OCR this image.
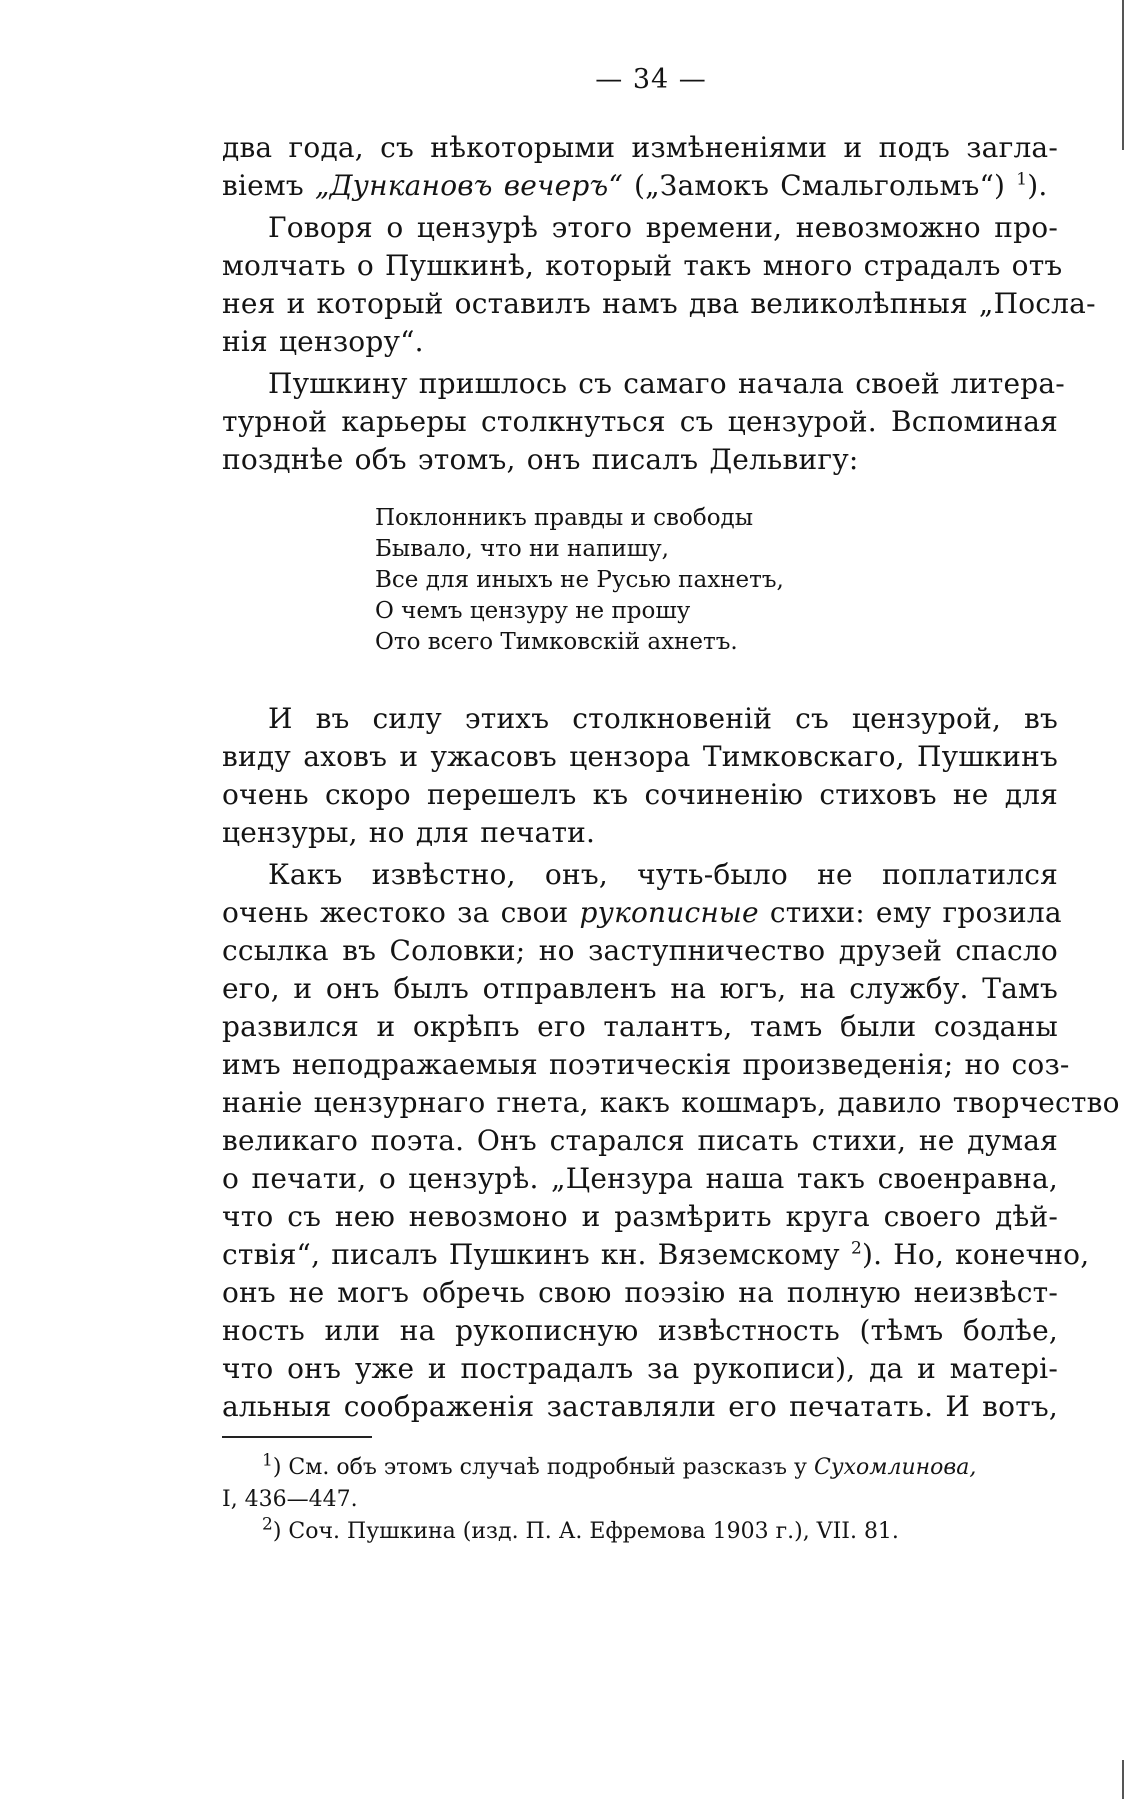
— 34 —
два года, съ нѣкоторыми измѣненіями и подъ загла-
віемъ „Дункановъ вечеръ“ („Замокъ Смальгольмъ“) $^1$).
Говоря о цензурѣ этого времени, невозможно про-
молчать о Пушкинѣ, который такъ много страдалъ отъ
нея и который оставилъ намъ два великолѣпныя „Посла-
нія цензору“.
Пушкину пришлось съ самаго начала своей литера-
турной карьеры столкнуться съ цензурой. Вспоминая
позднѣе объ этомъ, онъ писалъ Дельвигу:
Поклонникъ правды и свободы
Бывало, что ни напишу,
Все для иныхъ не Русью пахнетъ,
О чемъ цензуру не прошу
Ото всего Тимковскій ахнетъ.
И въ силу этихъ столкновеній съ цензурой, въ
виду аховъ и ужасовъ цензора Тимковскаго, Пушкинъ
очень скоро перешелъ къ сочиненію стиховъ не для
цензуры, но для печати.
Какъ извѣстно, онъ, чуть-было не поплатился
очень жестоко за свои рукописные стихи: ему грозила
ссылка въ Соловки; но заступничество друзей спасло
его, и онъ былъ отправленъ на югъ, на службу. Тамъ
развился и окрѣпъ его талантъ, тамъ были созданы
имъ неподражаемыя поэтическія произведенія; но соз-
наніе цензурнаго гнета, какъ кошмаръ, давило творчество
великаго поэта. Онъ старался писать стихи, не думая
о печати, о цензурѣ. „Цензура наша такъ своенравна,
что съ нею невозмоно и размѣрить круга своего дѣй-
ствія“, писалъ Пушкинъ кн. Вяземскому $^2$). Но, конечно,
онъ не могъ обречь свою поэзію на полную неизвѣст-
ность или на рукописную извѣстность (тѣмъ болѣе,
что онъ уже и пострадалъ за рукописи), да и матері-
альныя соображенія заставляли его печатать. И вотъ,
$^1$) См. объ этомъ случаѣ подробный разсказъ у Сухомлинова,
I, 436—447.
$^2$) Соч. Пушкина (изд. П. А. Ефремова 1903 г.), VII. 81.
